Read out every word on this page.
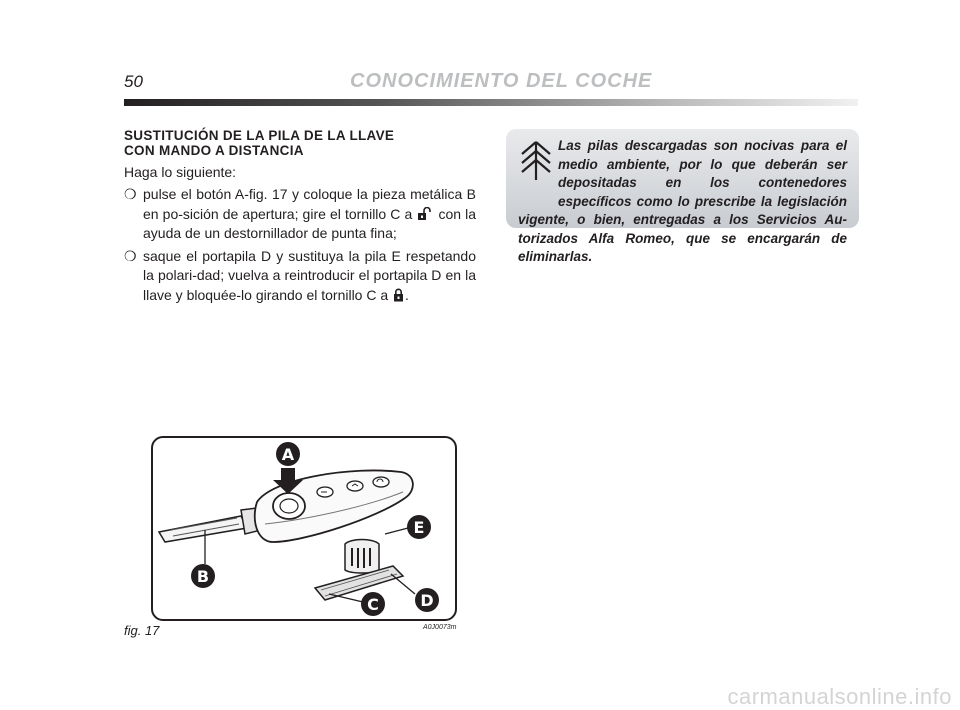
50	CONOCIMIENTO DEL COCHE
SUSTITUCIÓN DE LA PILA DE LA LLAVE
CON MANDO A DISTANCIA

Haga lo siguiente:

❍ pulse el botón A-fig. 17 y coloque la pieza metálica B en po-sición de apertura; gire el tornillo C a con la ayuda de un destornillador de punta fina;
❍ saque el portapila D y sustituya la pila E respetando la polari-dad; vuelva a reintroducir el portapila D en la llave y bloquée-lo girando el tornillo C a .

Las pilas descargadas son nocivas para el medio ambiente, por lo que deberán ser depositadas en los contenedores específicos como lo prescribe la legislación vigente, o bien, entregadas a los Servicios Au-torizados Alfa Romeo, que se encargarán de eliminarlas.

A
B
E
D
C
fig. 17	A0J0073m
carmanualsonline.info
